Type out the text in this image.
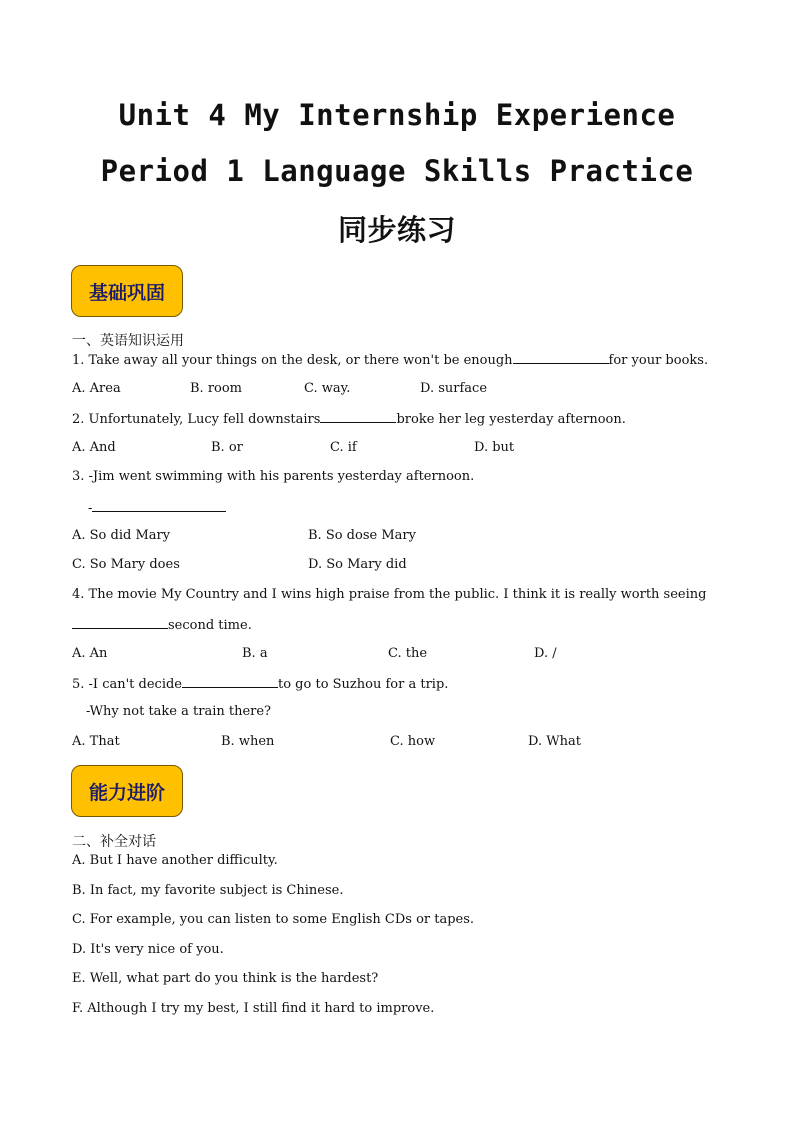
Unit 4 My Internship Experience
Period 1 Language Skills Practice
同步练习
基础巩固
一、英语知识运用
1. Take away all your things on the desk, or there won't be enough	for your books.
A. Area	B. room	C. way.	D. surface
2. Unfortunately, Lucy fell downstairs	broke her leg yesterday afternoon.
A. And	B. or	C. if	D. but
3. -Jim went swimming with his parents yesterday afternoon.
-
A. So did Mary	B. So dose Mary
C. So Mary does	D. So Mary did
4. The movie My Country and I wins high praise from the public. I think it is really worth seeing
second time.
A. An	B. a	C. the	D. /
5. -I can't decide	to go to Suzhou for a trip.
-Why not take a train there?
A. That	B. when	C. how	D. What
能力进阶
二、补全对话
A. But I have another difficulty.
B. In fact, my favorite subject is Chinese.
C. For example, you can listen to some English CDs or tapes.
D. It's very nice of you.
E. Well, what part do you think is the hardest?
F. Although I try my best, I still find it hard to improve.
